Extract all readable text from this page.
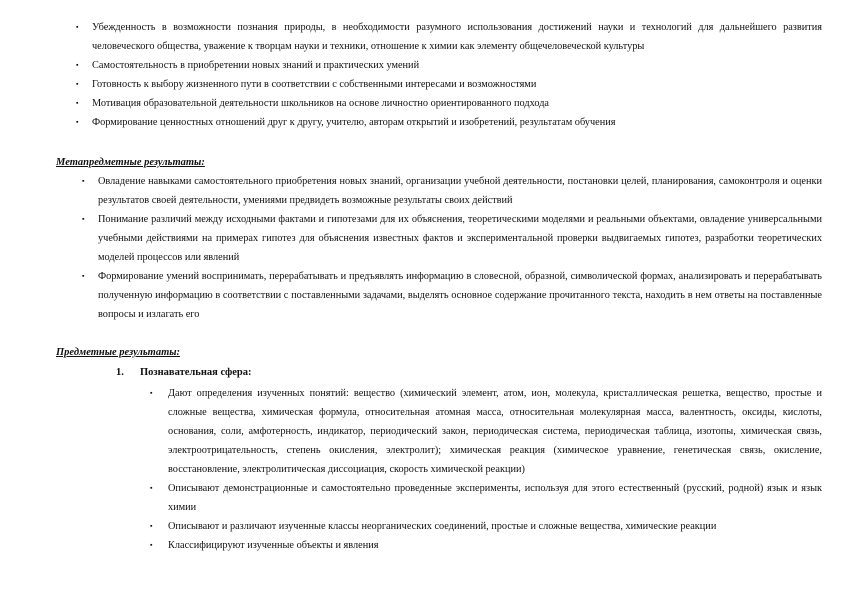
▪ Убежденность в возможности познания природы, в необходимости разумного использования достижений науки и технологий для дальнейшего развития человеческого общества, уважение к творцам науки и техники, отношение к химии как элементу общечеловеческой культуры
▪ Самостоятельность в приобретении новых знаний и практических умений
▪ Готовность к выбору жизненного пути в соответствии с собственными интересами и возможностями
▪ Мотивация образовательной деятельности школьников на основе личностно ориентированного подхода
▪ Формирование ценностных отношений друг к другу, учителю, авторам открытий и изобретений, результатам обучения
Метапредметные результаты:
▪ Овладение навыками самостоятельного приобретения новых знаний, организации учебной деятельности, постановки целей, планирования, самоконтроля и оценки результатов своей деятельности, умениями предвидеть возможные результаты своих действий
▪ Понимание различий между исходными фактами и гипотезами для их объяснения, теоретическими моделями и реальными объектами, овладение универсальными учебными действиями на примерах гипотез для объяснения известных фактов и экспериментальной проверки выдвигаемых гипотез, разработки теоретических моделей процессов или явлений
▪ Формирование умений воспринимать, перерабатывать и предъявлять информацию в словесной, образной, символической формах, анализировать и перерабатывать полученную информацию в соответствии с поставленными задачами, выделять основное содержание прочитанного текста, находить в нем ответы на поставленные вопросы и излагать его
Предметные результаты:
1. Познавательная сфера:
▪ Дают определения изученных понятий: вещество (химический элемент, атом, ион, молекула, кристаллическая решетка, вещество, простые и сложные вещества, химическая формула, относительная атомная масса, относительная молекулярная масса, валентность, оксиды, кислоты, основания, соли, амфотерность, индикатор, периодический закон, периодическая система, периодическая таблица, изотопы, химическая связь, электроотрицательность, степень окисления, электролит); химическая реакция (химическое уравнение, генетическая связь, окисление, восстановление, электролитическая диссоциация, скорость химической реакции)
▪ Описывают демонстрационные и самостоятельно проведенные эксперименты, используя для этого естественный (русский, родной) язык и язык химии
▪ Описывают и различают изученные классы неорганических соединений, простые и сложные вещества, химические реакции
▪ Классифицируют изученные объекты и явления
